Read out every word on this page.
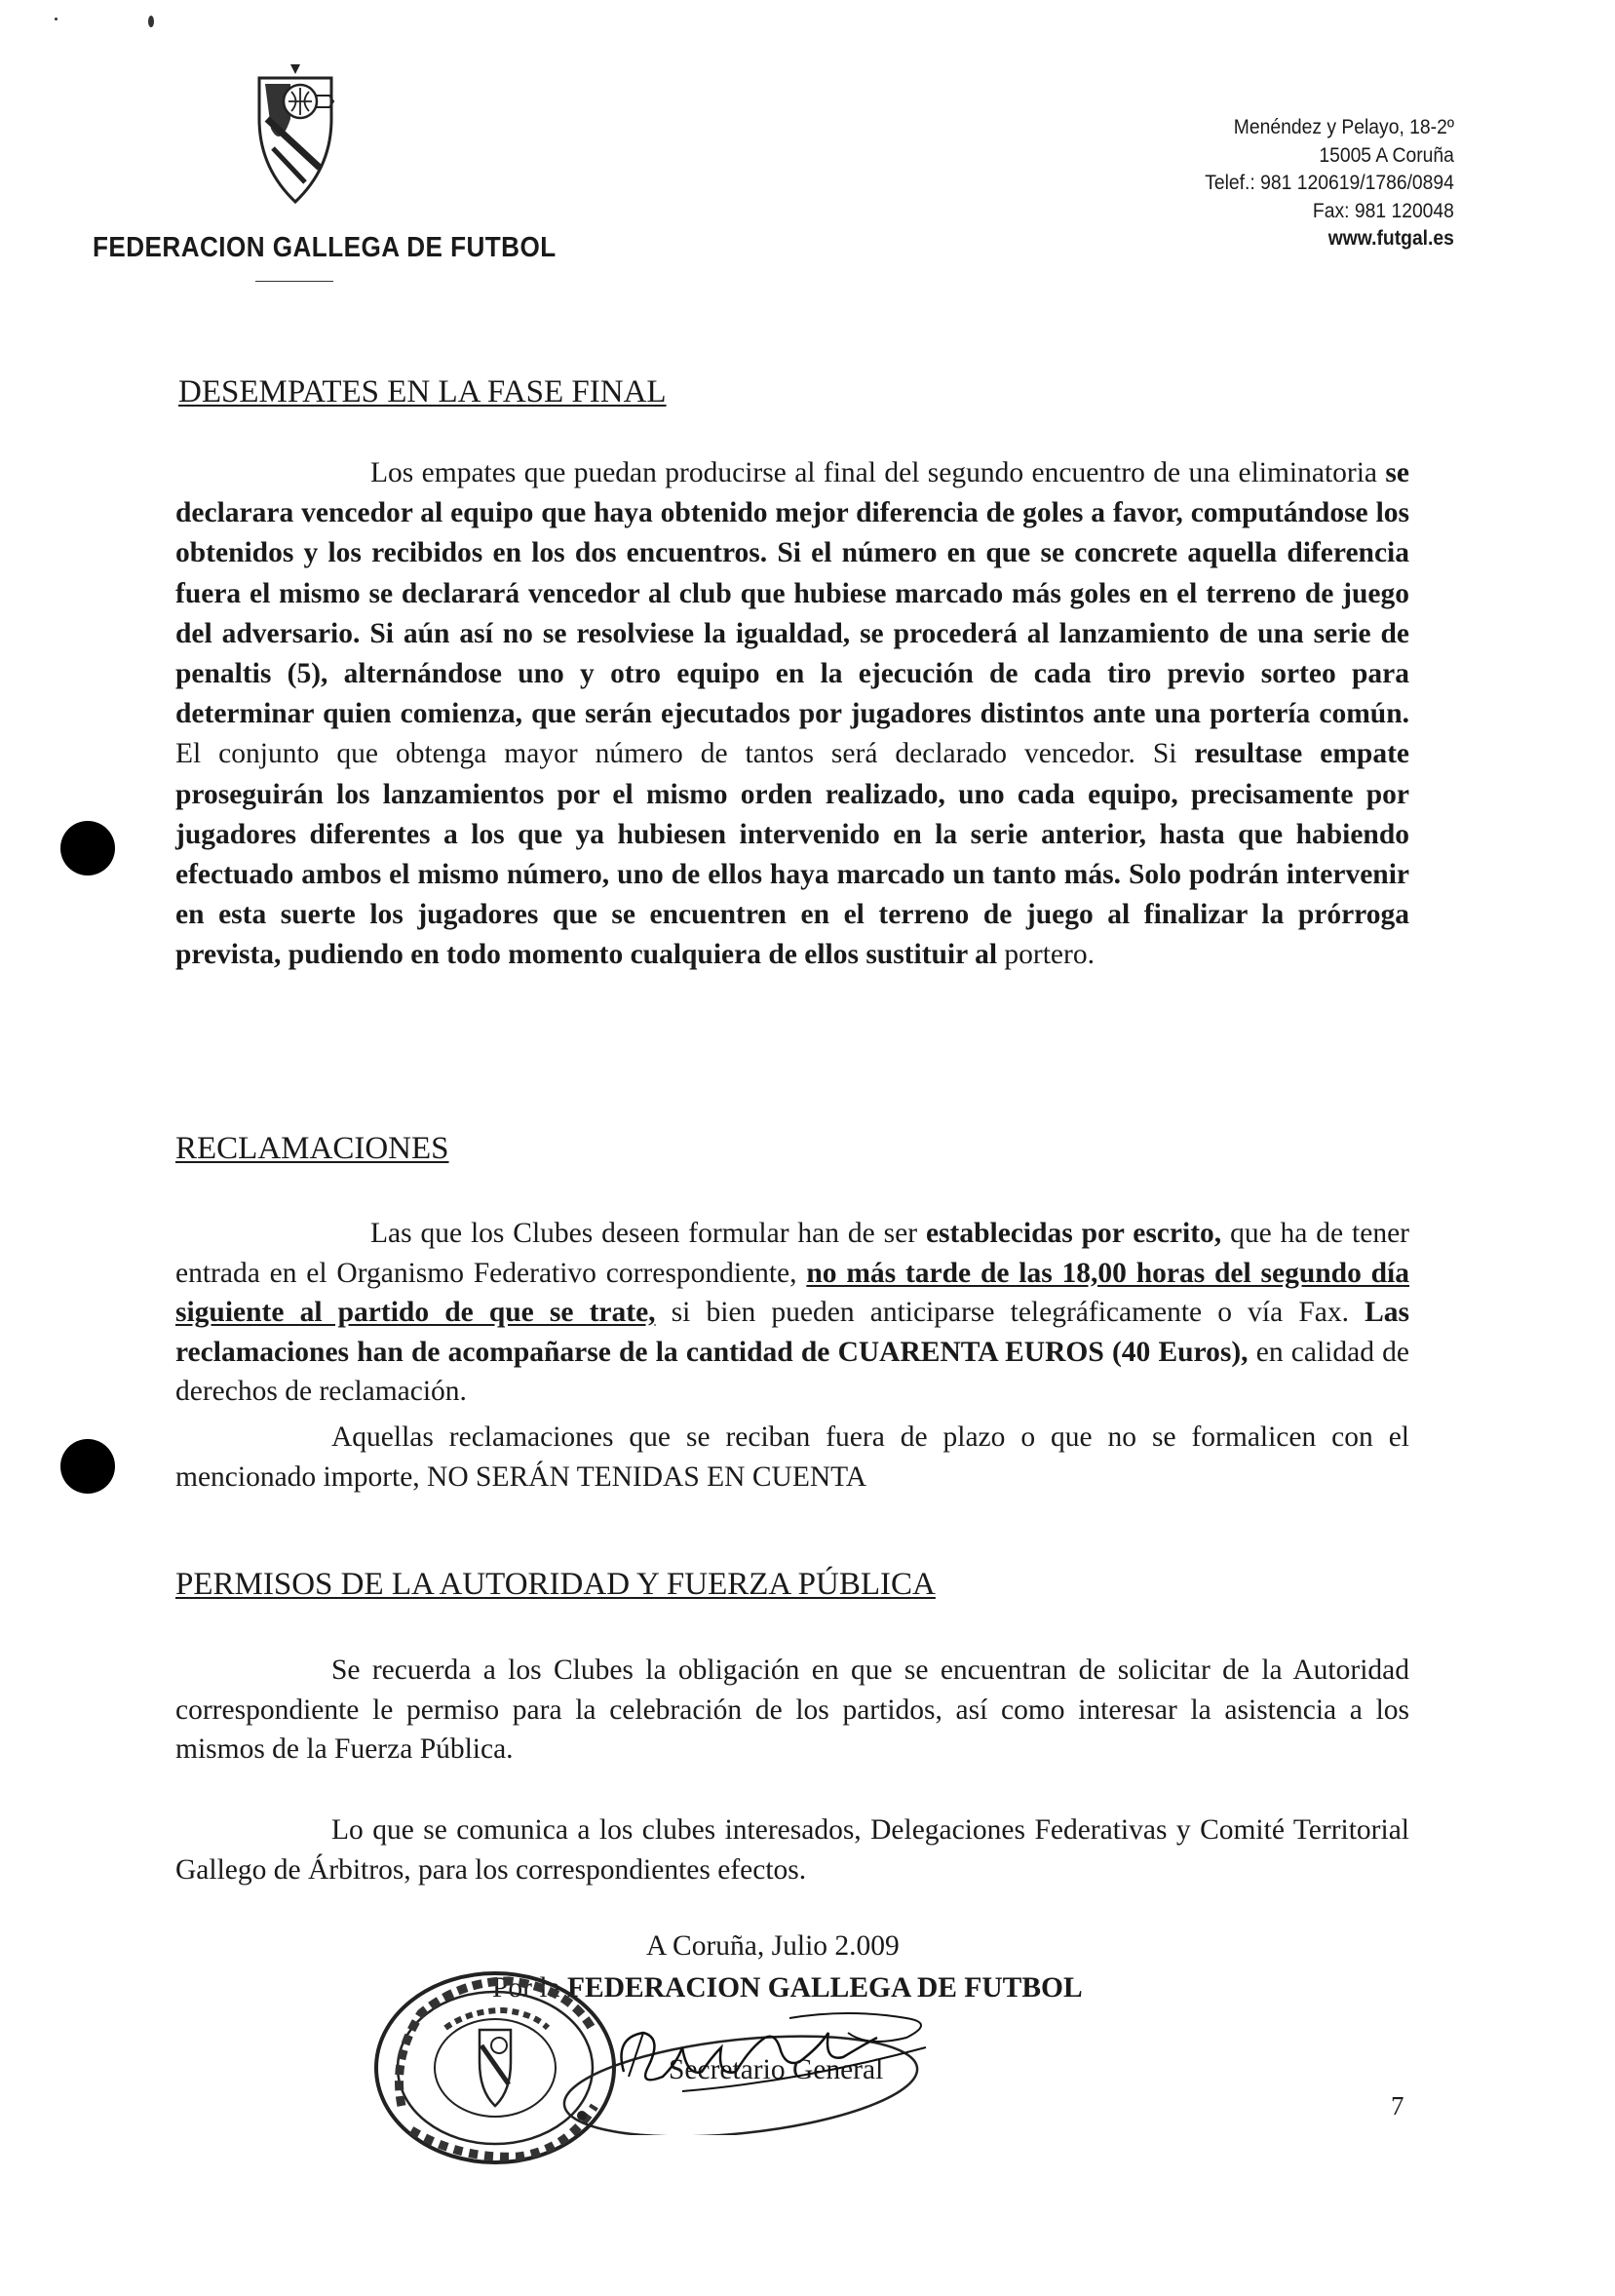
FEDERACION GALLEGA DE FUTBOL
Menéndez y Pelayo, 18-2º
15005 A Coruña
Telef.: 981 120619/1786/0894
Fax: 981 120048
www.futgal.es
DESEMPATES EN LA FASE FINAL

Los empates que puedan producirse al final del segundo encuentro de una eliminatoria se declarara vencedor al equipo que haya obtenido mejor diferencia de goles a favor, computándose los obtenidos y los recibidos en los dos encuentros. Si el número en que se concrete aquella diferencia fuera el mismo se declarará vencedor al club que hubiese marcado más goles en el terreno de juego del adversario. Si aún así no se resolviese la igualdad, se procederá al lanzamiento de una serie de penaltis (5), alternándose uno y otro equipo en la ejecución de cada tiro previo sorteo para determinar quien comienza, que serán ejecutados por jugadores distintos ante una portería común. El conjunto que obtenga mayor número de tantos será declarado vencedor. Si resultase empate proseguirán los lanzamientos por el mismo orden realizado, uno cada equipo, precisamente por jugadores diferentes a los que ya hubiesen intervenido en la serie anterior, hasta que habiendo efectuado ambos el mismo número, uno de ellos haya marcado un tanto más. Solo podrán intervenir en esta suerte los jugadores que se encuentren en el terreno de juego al finalizar la prórroga prevista, pudiendo en todo momento cualquiera de ellos sustituir al portero.

RECLAMACIONES

Las que los Clubes deseen formular han de ser establecidas por escrito, que ha de tener entrada en el Organismo Federativo correspondiente, no más tarde de las 18,00 horas del segundo día siguiente al partido de que se trate, si bien pueden anticiparse telegráficamente o vía Fax. Las reclamaciones han de acompañarse de la cantidad de CUARENTA EUROS (40 Euros), en calidad de derechos de reclamación.

Aquellas reclamaciones que se reciban fuera de plazo o que no se formalicen con el mencionado importe, NO SERÁN TENIDAS EN CUENTA

PERMISOS DE LA AUTORIDAD Y FUERZA PÚBLICA

Se recuerda a los Clubes la obligación en que se encuentran de solicitar de la Autoridad correspondiente le permiso para la celebración de los partidos, así como interesar la asistencia a los mismos de la Fuerza Pública.

Lo que se comunica a los clubes interesados, Delegaciones Federativas y Comité Territorial Gallego de Árbitros, para los correspondientes efectos.

A Coruña, Julio 2.009
Por la FEDERACION GALLEGA DE FUTBOL
Secretario General
7
